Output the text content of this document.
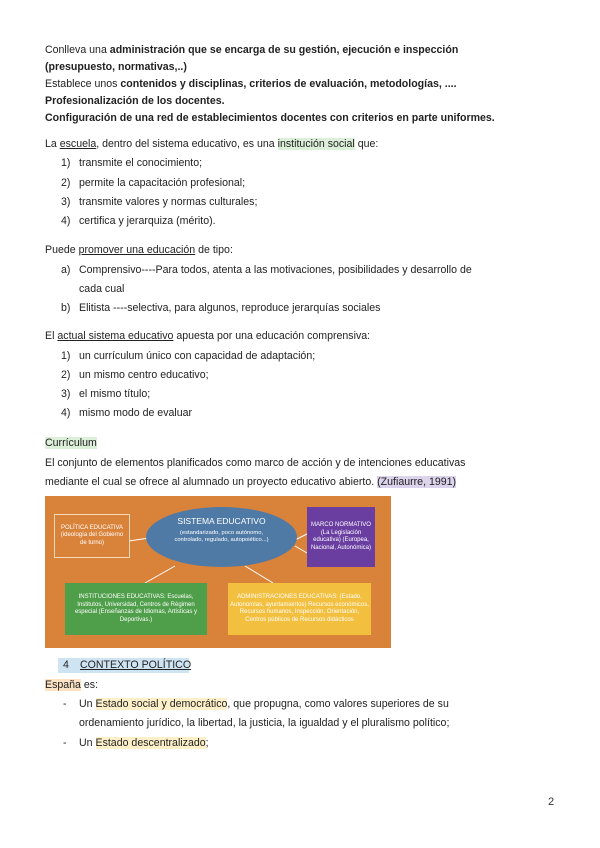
Conlleva una administración que se encarga de su gestión, ejecución e inspección
(presupuesto, normativas,..)
Establece unos contenidos y disciplinas, criterios de evaluación, metodologías, ....
Profesionalización de los docentes.
Configuración de una red de establecimientos docentes con criterios en parte uniformes.
La escuela, dentro del sistema educativo, es una institución social que:
1) transmite el conocimiento;
2) permite la capacitación profesional;
3) transmite valores y normas culturales;
4) certifica y jerarquiza (mérito).
Puede promover una educación de tipo:
a) Comprensivo----Para todos, atenta a las motivaciones, posibilidades y desarrollo de
cada cual
b) Elitista ----selectiva, para algunos, reproduce jerarquías sociales
El actual sistema educativo apuesta por una educación comprensiva:
1) un currículum único con capacidad de adaptación;
2) un mismo centro educativo;
3) el mismo título;
4) mismo modo de evaluar
Currículum
El conjunto de elementos planificados como marco de acción y de intenciones educativas
mediante el cual se ofrece al alumnado un proyecto educativo abierto. (Zufiaurre, 1991)
POLÍTICA EDUCATIVA (ideología del Gobierno de turno)
SISTEMA EDUCATIVO
(estandarizado, poco autónomo, controlado, regulado, autopoiético...)
MARCO NORMATIVO (La Legislación educativa) (Europea, Nacional, Autonómica)
INSTITUCIONES EDUCATIVAS: Escuelas, Institutos, Universidad, Centros de Régimen especial (Enseñanzas de Idiomas, Artísticas y Deportivas.)
ADMINISTRACIONES EDUCATIVAS: (Estado, Autonomías, ayuntamientos) Recursos económicos, Recursos humanos, Inspección, Orientación, Centros públicos de Recursos didácticos
4 CONTEXTO POLÍTICO
España es:
- Un Estado social y democrático, que propugna, como valores superiores de su
ordenamiento jurídico, la libertad, la justicia, la igualdad y el pluralismo político;
- Un Estado descentralizado;
2
